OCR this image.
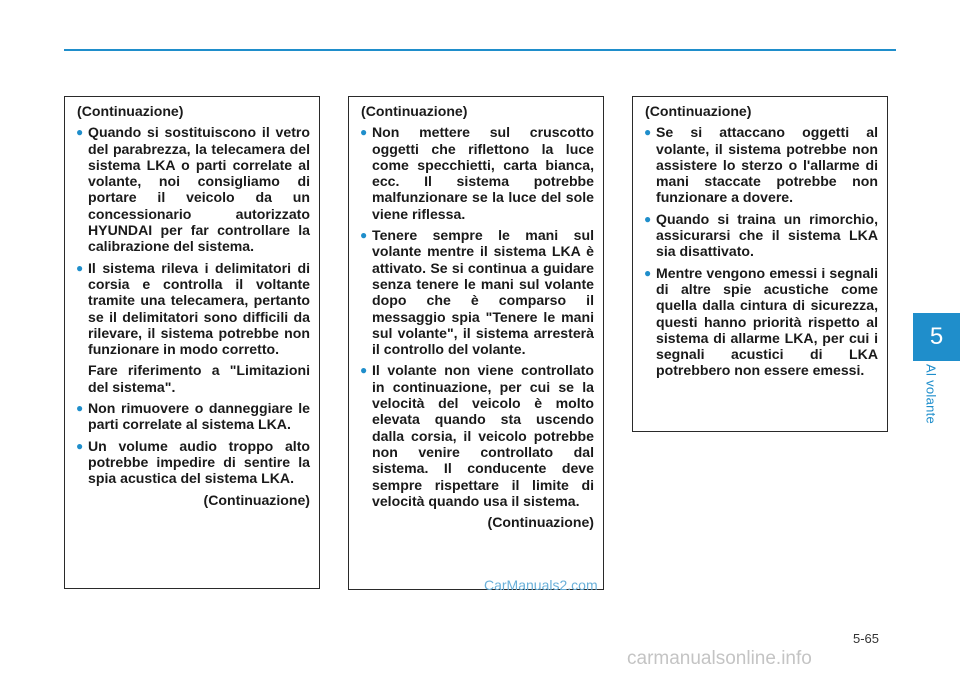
5
Al volante
(Continuazione)
● Quando si sostituiscono il vetro del parabrezza, la telecamera del sistema LKA o parti correlate al volante, noi consigliamo di portare il veicolo da un concessionario autorizzato HYUNDAI per far controllare la calibrazione del sistema.
● Il sistema rileva i delimitatori di corsia e controlla il voltante tramite una telecamera, pertanto se il delimitatori sono difficili da rilevare, il sistema potrebbe non funzionare in modo corretto.
Fare riferimento a "Limitazioni del sistema".
● Non rimuovere o danneggiare le parti correlate al sistema LKA.
● Un volume audio troppo alto potrebbe impedire di sentire la spia acustica del sistema LKA.
(Continuazione)
(Continuazione)
● Non mettere sul cruscotto oggetti che riflettono la luce come specchietti, carta bianca, ecc. Il sistema potrebbe malfunzionare se la luce del sole viene riflessa.
● Tenere sempre le mani sul volante mentre il sistema LKA è attivato. Se si continua a guidare senza tenere le mani sul volante dopo che è comparso il messaggio spia "Tenere le mani sul volante", il sistema arresterà il controllo del volante.
● Il volante non viene controllato in continuazione, per cui se la velocità del veicolo è molto elevata quando sta uscendo dalla corsia, il veicolo potrebbe non venire controllato dal sistema. Il conducente deve sempre rispettare il limite di velocità quando usa il sistema.
(Continuazione)
(Continuazione)
● Se si attaccano oggetti al volante, il sistema potrebbe non assistere lo sterzo o l'allarme di mani staccate potrebbe non funzionare a dovere.
● Quando si traina un rimorchio, assicurarsi che il sistema LKA sia disattivato.
● Mentre vengono emessi i segnali di altre spie acustiche come quella dalla cintura di sicurezza, questi hanno priorità rispetto al sistema di allarme LKA, per cui i segnali acustici di LKA potrebbero non essere emessi.
5-65
CarManuals2.com
carmanualsonline.info
